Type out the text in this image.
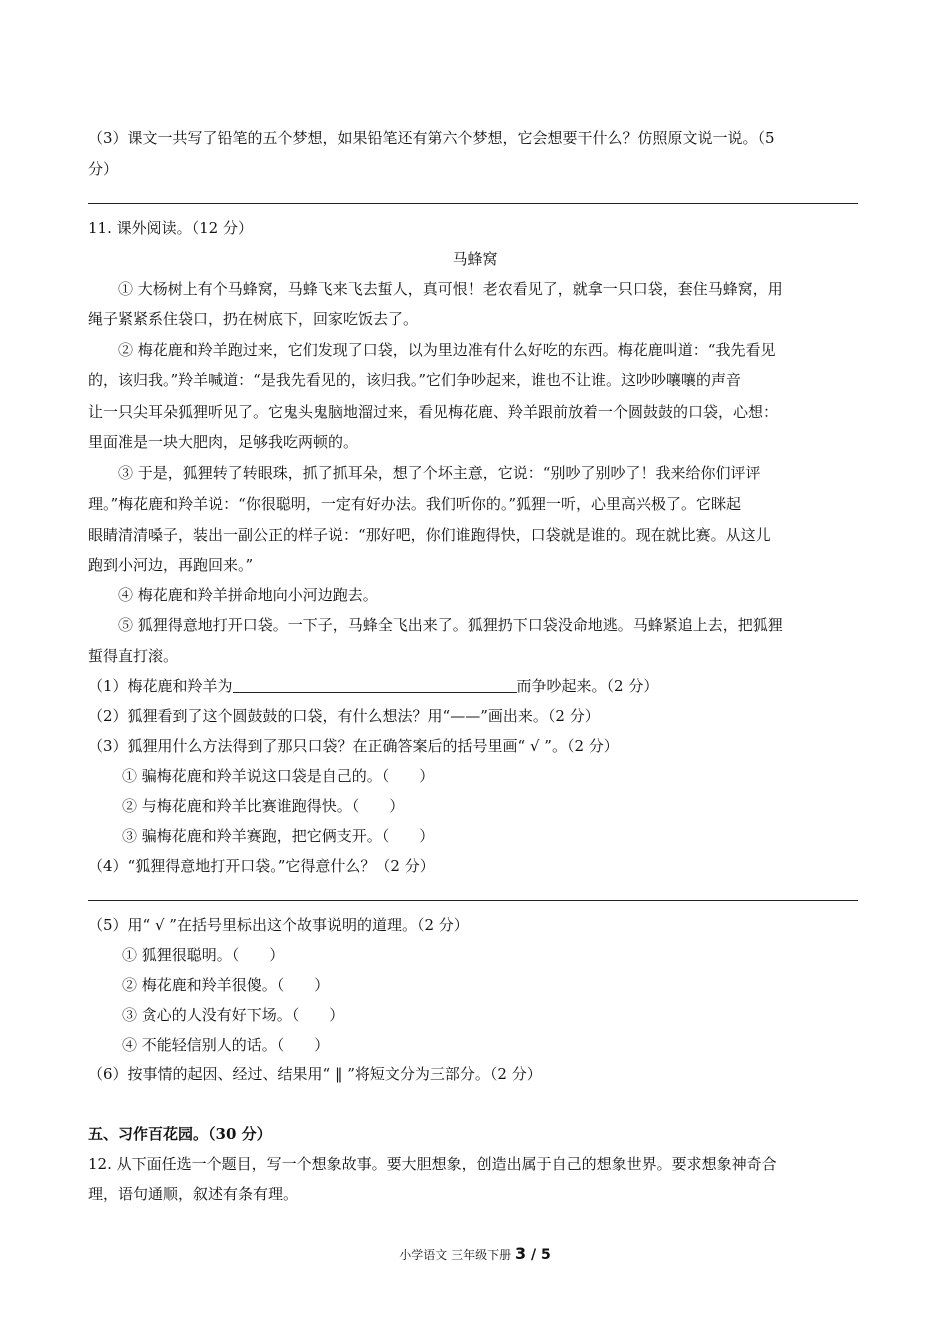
（3）课文一共写了铅笔的五个梦想，如果铅笔还有第六个梦想，它会想要干什么？仿照原文说一说。（5
分）
11. 课外阅读。（12 分）
马蜂窝
① 大杨树上有个马蜂窝，马蜂飞来飞去蜇人，真可恨！老农看见了，就拿一只口袋，套住马蜂窝，用
绳子紧紧系住袋口，扔在树底下，回家吃饭去了。
② 梅花鹿和羚羊跑过来，它们发现了口袋，以为里边准有什么好吃的东西。梅花鹿叫道：“我先看见
的，该归我。”羚羊喊道：“是我先看见的，该归我。”它们争吵起来，谁也不让谁。这吵吵嚷嚷的声音
让一只尖耳朵狐狸听见了。它鬼头鬼脑地溜过来，看见梅花鹿、羚羊跟前放着一个圆鼓鼓的口袋，心想：
里面准是一块大肥肉，足够我吃两顿的。
③ 于是，狐狸转了转眼珠，抓了抓耳朵，想了个坏主意，它说：“别吵了别吵了！我来给你们评评
理。”梅花鹿和羚羊说：“你很聪明，一定有好办法。我们听你的。”狐狸一听，心里高兴极了。它眯起
眼睛清清嗓子，装出一副公正的样子说：“那好吧，你们谁跑得快，口袋就是谁的。现在就比赛。从这儿
跑到小河边，再跑回来。”
④ 梅花鹿和羚羊拼命地向小河边跑去。
⑤ 狐狸得意地打开口袋。一下子，马蜂全飞出来了。狐狸扔下口袋没命地逃。马蜂紧追上去，把狐狸
蜇得直打滚。
（1）梅花鹿和羚羊为	而争吵起来。（2 分）
（2）狐狸看到了这个圆鼓鼓的口袋，有什么想法？用“——”画出来。（2 分）
（3）狐狸用什么方法得到了那只口袋？在正确答案后的括号里画“ √ ”。（2 分）
① 骗梅花鹿和羚羊说这口袋是自己的。（　　）
② 与梅花鹿和羚羊比赛谁跑得快。（　　）
③ 骗梅花鹿和羚羊赛跑，把它俩支开。（　　）
（4）“狐狸得意地打开口袋。”它得意什么？（2 分）
（5）用“ √ ”在括号里标出这个故事说明的道理。（2 分）
① 狐狸很聪明。（　　）
② 梅花鹿和羚羊很傻。（　　）
③ 贪心的人没有好下场。（　　）
④ 不能轻信别人的话。（　　）
（6）按事情的起因、经过、结果用“ ‖ ”将短文分为三部分。（2 分）
五、习作百花园。（30 分）
12. 从下面任选一个题目，写一个想象故事。要大胆想象，创造出属于自己的想象世界。要求想象神奇合
理，语句通顺，叙述有条有理。
小学语文 三年级下册 3 / 5
